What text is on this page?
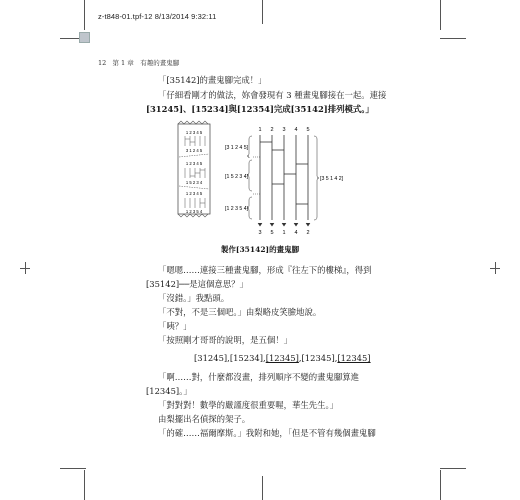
z-t848-01.tpf-12 8/13/2014 9:32:11
12 第 1 章　有趣的畫鬼腳
「[35142]的畫鬼腳完成！」
「仔細看剛才的做法，妳會發現有 3 種畫鬼腳接在一起。連接
[31245]、[15234]與[12354]完成[35142]排列模式。」
1 2 3 4 5
3 1 2 4 5
1 2 3 4 5
1 5 2 3 4
1 2 3 4 5
1 2 3 5 4
1 2 3 4 5
[3 1 2 4 5]
[1 5 2 3 4]
[1 2 3 5 4]
[3 5 1 4 2]
3 5 1 4 2
製作[35142]的畫鬼腳
「嗯嗯……連接三種畫鬼腳，形成『往左下的樓梯』，得到
[35142]──是這個意思？」
「沒錯。」我點頭。
「不對，不是三個吧。」由梨略皮笑臉地說。
「咦？」
「按照剛才哥哥的說明，是五個！」
[31245],[15234],[12345],[12345],[12345]
「啊……對，什麼都沒畫，排列順序不變的畫鬼腳算進
[12345]。」
「對對對！數學的嚴謹度很重要喔，華生先生。」
由梨擺出名偵探的架子。
「的確……福爾摩斯。」我附和她，「但是不管有幾個畫鬼腳
